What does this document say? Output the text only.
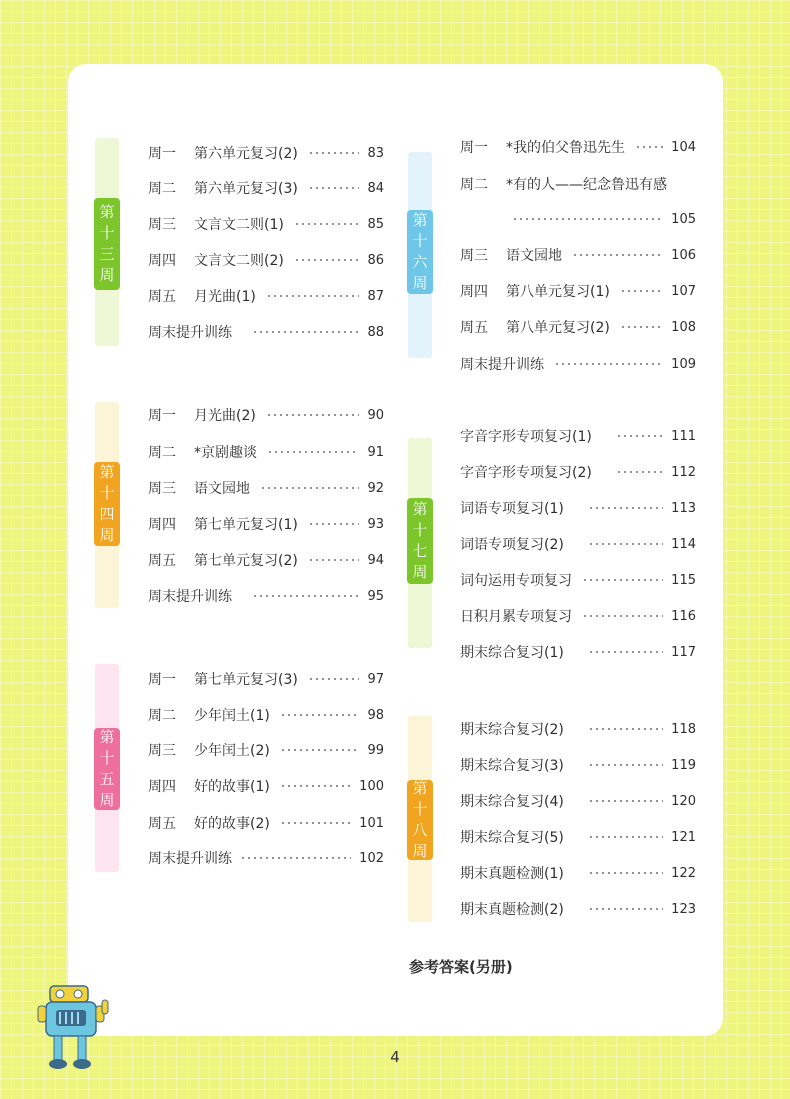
第
十
三
周
周一	第六单元复习(2)	83
周二	第六单元复习(3)	84
周三	文言文二则(1)	85
周四	文言文二则(2)	86
周五	月光曲(1)	87
周末提升训练	88
第
十
四
周
周一	月光曲(2)	90
周二	*京剧趣谈	91
周三	语文园地	92
周四	第七单元复习(1)	93
周五	第七单元复习(2)	94
周末提升训练	95
第
十
五
周
周一	第七单元复习(3)	97
周二	少年闰土(1)	98
周三	少年闰土(2)	99
周四	好的故事(1)	100
周五	好的故事(2)	101
周末提升训练	102
第
十
六
周
周一	*我的伯父鲁迅先生	104
周二	*有的人——纪念鲁迅有感
105
周三	语文园地	106
周四	第八单元复习(1)	107
周五	第八单元复习(2)	108
周末提升训练	109
第
十
七
周
字音字形专项复习(1)	111
字音字形专项复习(2)	112
词语专项复习(1)	113
词语专项复习(2)	114
词句运用专项复习	115
日积月累专项复习	116
期末综合复习(1)	117
第
十
八
周
期末综合复习(2)	118
期末综合复习(3)	119
期末综合复习(4)	120
期末综合复习(5)	121
期末真题检测(1)	122
期末真题检测(2)	123
参考答案(另册)
4
